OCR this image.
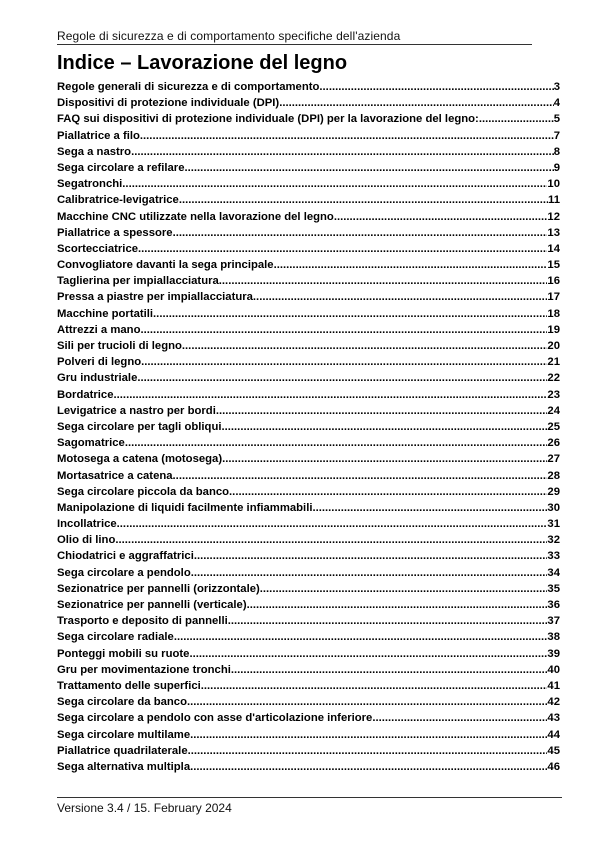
Regole di sicurezza e di comportamento specifiche dell'azienda
Indice – Lavorazione del legno
Regole generali di sicurezza e di comportamento .....	3
Dispositivi di protezione individuale (DPI) .....	4
FAQ sui dispositivi di protezione individuale (DPI) per la lavorazione del legno: .....	5
Piallatrice a filo .....	7
Sega a nastro .....	8
Sega circolare a refilare .....	9
Segatronchi .....	10
Calibratrice-levigatrice .....	11
Macchine CNC utilizzate nella lavorazione del legno .....	12
Piallatrice a spessore .....	13
Scortecciatrice .....	14
Convogliatore davanti la sega principale .....	15
Taglierina per impiallacciatura .....	16
Pressa a piastre per impiallacciatura .....	17
Macchine portatili .....	18
Attrezzi a mano .....	19
Sili per trucioli di legno .....	20
Polveri di legno .....	21
Gru industriale .....	22
Bordatrice .....	23
Levigatrice a nastro per bordi .....	24
Sega circolare per tagli obliqui .....	25
Sagomatrice .....	26
Motosega a catena (motosega) .....	27
Mortasatrice a catena .....	28
Sega circolare piccola da banco .....	29
Manipolazione di liquidi facilmente infiammabili .....	30
Incollatrice .....	31
Olio di lino .....	32
Chiodatrici e aggraffatrici .....	33
Sega circolare a pendolo .....	34
Sezionatrice per pannelli (orizzontale) .....	35
Sezionatrice per pannelli (verticale) .....	36
Trasporto e deposito di pannelli .....	37
Sega circolare radiale .....	38
Ponteggi mobili su ruote .....	39
Gru per movimentazione tronchi .....	40
Trattamento delle superfici .....	41
Sega circolare da banco .....	42
Sega circolare a pendolo con asse d'articolazione inferiore .....	43
Sega circolare multilame .....	44
Piallatrice quadrilaterale .....	45
Sega alternativa multipla .....	46
Versione 3.4 / 15. February 2024
